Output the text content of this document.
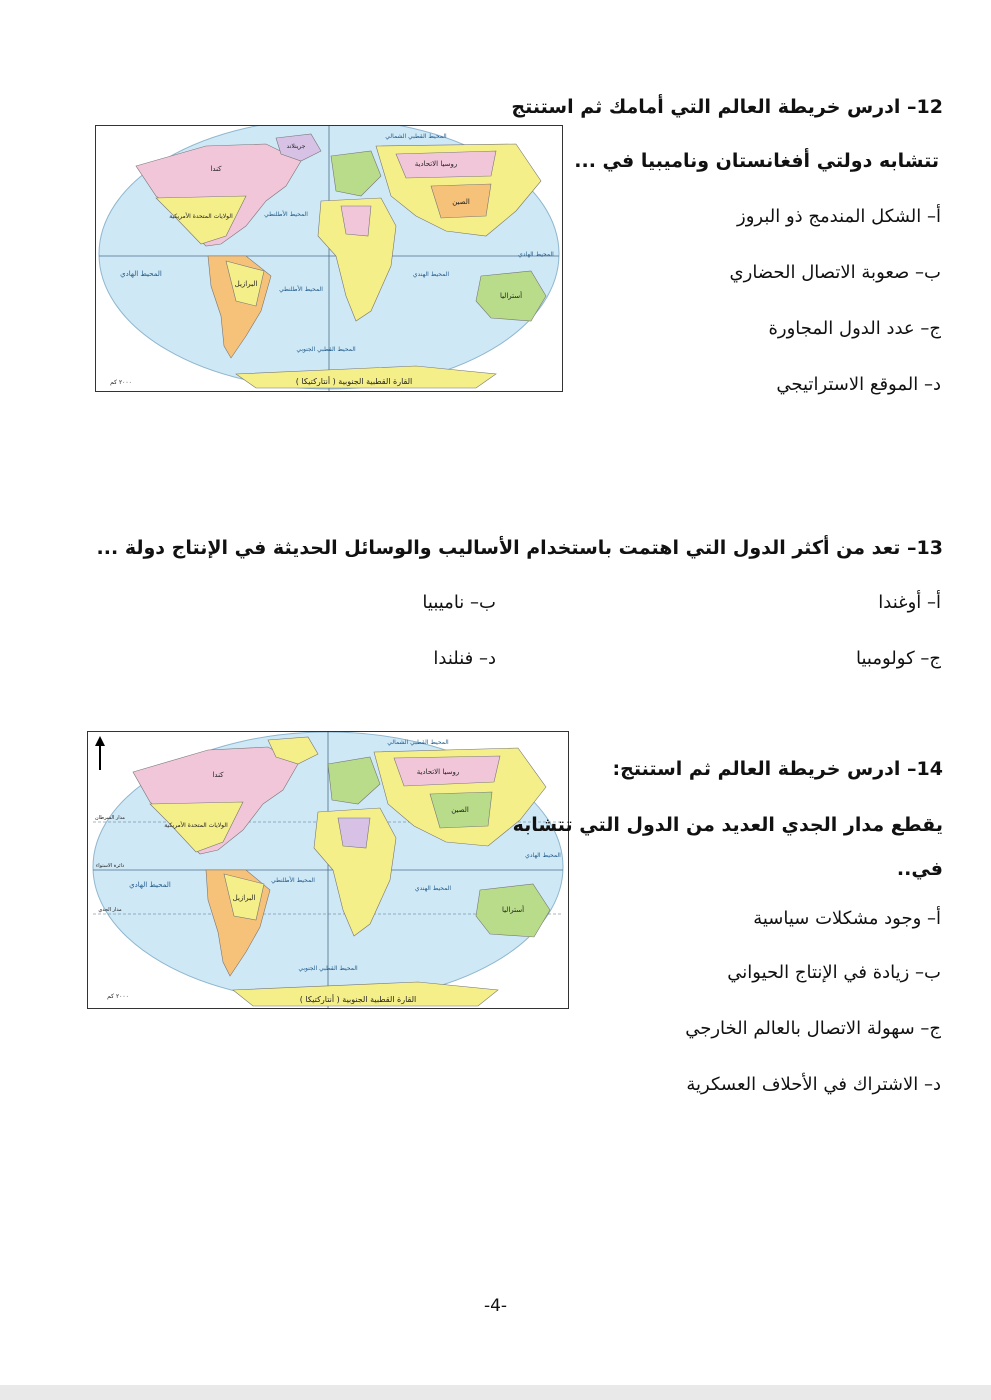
12– ادرس خريطة العالم التي أمامك ثم استنتج
تتشابه دولتي أفغانستان وناميبيا في ...
أ– الشكل المندمج ذو البروز
ب– صعوبة الاتصال الحضاري
ج– عدد الدول المجاورة
د– الموقع الاستراتيجي
القارة القطبية الجنوبية ( أنتاركتيكا )
الولايات المتحدة الأمريكية
كندا
جرينلاند
روسيا الاتحادية
الصين
البرازيل
أستراليا
المحيط الهادي
المحيط الهادي
المحيط الأطلنطي
المحيط الأطلنطي
المحيط الهندي
المحيط القطبي الشمالي
المحيط القطبي الجنوبي
٢٠٠٠ كم
13– تعد من أكثر الدول التي اهتمت باستخدام الأساليب والوسائل الحديثة في الإنتاج دولة ...
أ– أوغندا
ب– ناميبيا
ج– كولومبيا
د– فنلندا
القارة القطبية الجنوبية ( أنتاركتيكا )
الولايات المتحدة الأمريكية
كندا	روسيا الاتحادية
الصين
البرازيل
أستراليا
المحيط الهادي
المحيط الهادي
المحيط الأطلنطي
المحيط الهندي
المحيط القطبي الشمالي
المحيط القطبي الجنوبي
مدار السرطان
دائرة الاستواء
مدار الجدي
٢٠٠٠ كم
14– ادرس خريطة العالم ثم استنتج:
يقطع مدار الجدي العديد من الدول التي تتشابه
في..
أ– وجود مشكلات سياسية
ب– زيادة في الإنتاج الحيواني
ج– سهولة الاتصال بالعالم الخارجي
د– الاشتراك في الأحلاف العسكرية
-4-
